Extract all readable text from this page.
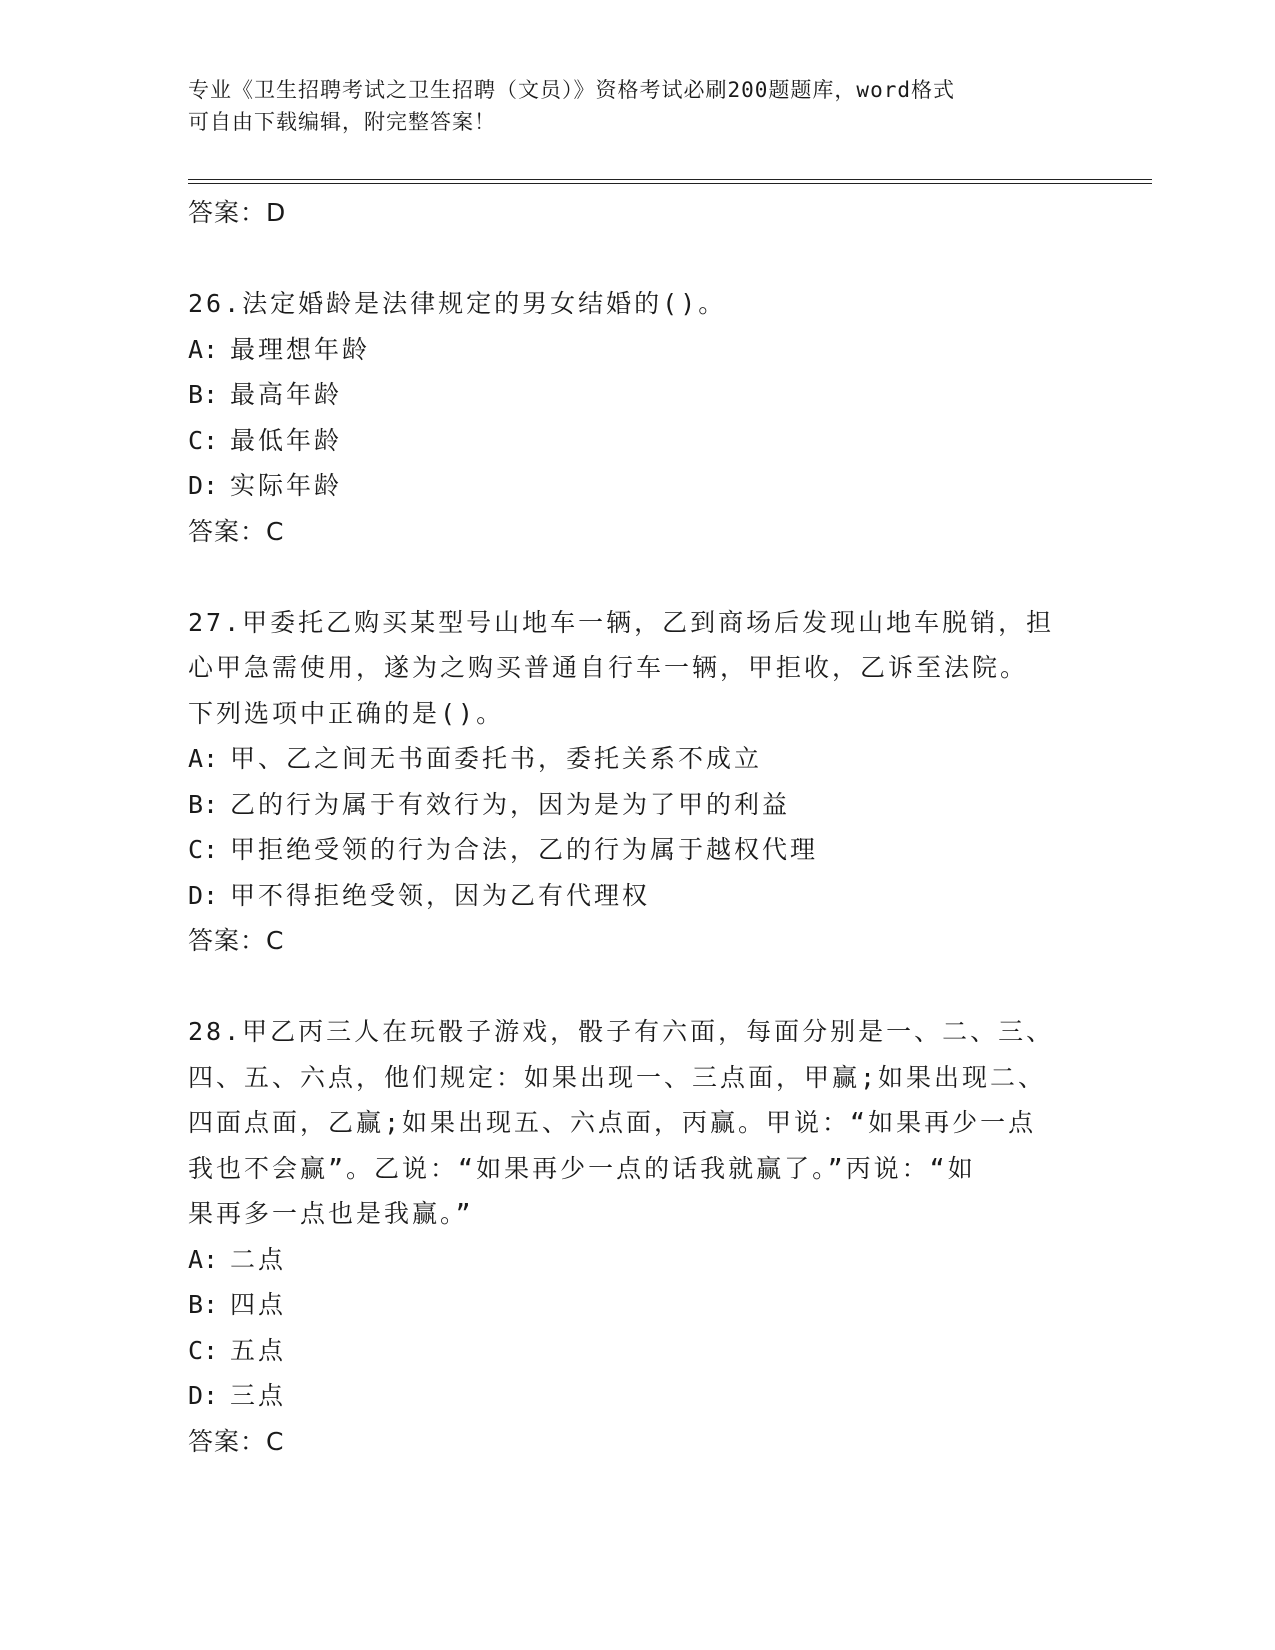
专业《卫生招聘考试之卫生招聘（文员）》资格考试必刷200题题库，word格式
可自由下载编辑，附完整答案！
答案：D
26.法定婚龄是法律规定的男女结婚的()。
A: 最理想年龄
B: 最高年龄
C: 最低年龄
D: 实际年龄
答案：C
27.甲委托乙购买某型号山地车一辆，乙到商场后发现山地车脱销，担
心甲急需使用，遂为之购买普通自行车一辆，甲拒收，乙诉至法院。
下列选项中正确的是()。
A: 甲、乙之间无书面委托书，委托关系不成立
B: 乙的行为属于有效行为，因为是为了甲的利益
C: 甲拒绝受领的行为合法，乙的行为属于越权代理
D: 甲不得拒绝受领，因为乙有代理权
答案：C
28.甲乙丙三人在玩骰子游戏，骰子有六面，每面分别是一、二、三、
四、五、六点，他们规定：如果出现一、三点面，甲赢;如果出现二、
四面点面，乙赢;如果出现五、六点面，丙赢。甲说：“如果再少一点
我也不会赢”。乙说：“如果再少一点的话我就赢了。”丙说：“如
果再多一点也是我赢。”
A: 二点
B: 四点
C: 五点
D: 三点
答案：C
